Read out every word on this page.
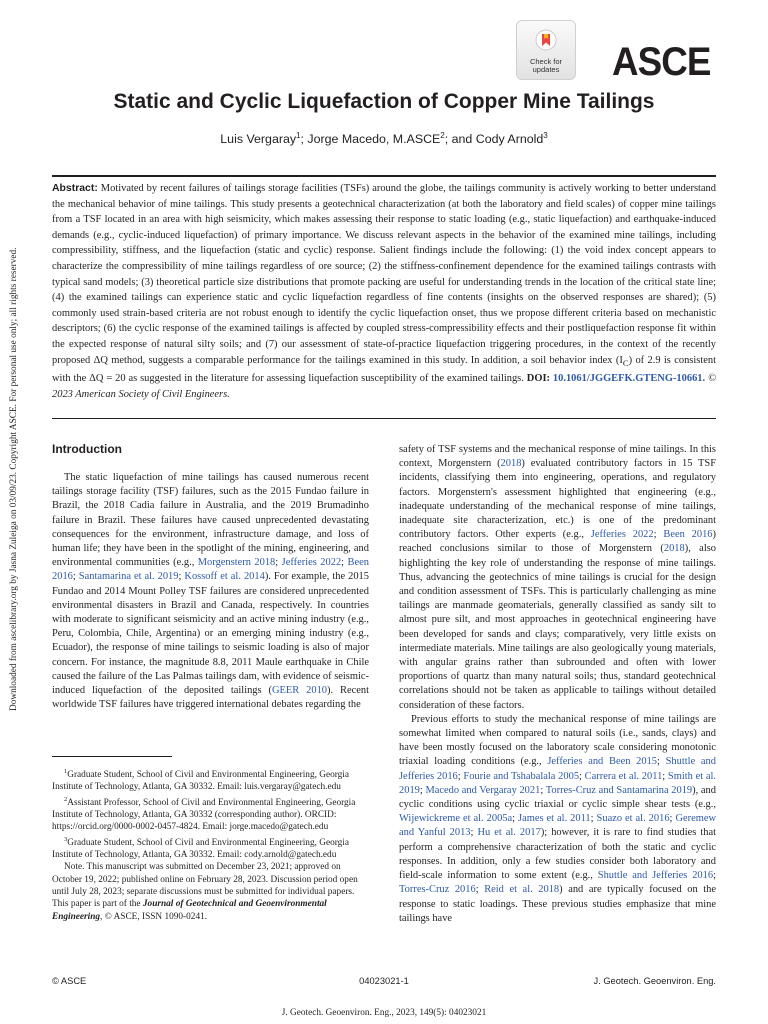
Downloaded from ascelibrary.org by Jasna Zuleiga on 03/09/23. Copyright ASCE. For personal use only; all rights reserved.
Check for
updates	ASCE
Static and Cyclic Liquefaction of Copper Mine Tailings
Luis Vergaray$^1$; Jorge Macedo, M.ASCE$^2$; and Cody Arnold$^3$

Abstract: Motivated by recent failures of tailings storage facilities (TSFs) around the globe, the tailings community is actively working to better understand the mechanical behavior of mine tailings. This study presents a geotechnical characterization (at both the laboratory and field scales) of copper mine tailings from a TSF located in an area with high seismicity, which makes assessing their response to static loading (e.g., static liquefaction) and earthquake-induced demands (e.g., cyclic-induced liquefaction) of primary importance. We discuss relevant aspects in the behavior of the examined mine tailings, including compressibility, stiffness, and the liquefaction (static and cyclic) response. Salient findings include the following: (1) the void index concept appears to characterize the compressibility of mine tailings regardless of ore source; (2) the stiffness-confinement dependence for the examined tailings contrasts with typical sand models; (3) theoretical particle size distributions that promote packing are useful for understanding trends in the location of the critical state line; (4) the examined tailings can experience static and cyclic liquefaction regardless of fine contents (insights on the observed responses are shared); (5) commonly used strain-based criteria are not robust enough to identify the cyclic liquefaction onset, thus we propose different criteria based on mechanistic descriptors; (6) the cyclic response of the examined tailings is affected by coupled stress-compressibility effects and their postliquefaction response fit within the expected response of natural silty soils; and (7) our assessment of state-of-practice liquefaction triggering procedures, in the context of the recently proposed ΔQ method, suggests a comparable performance for the tailings examined in this study. In addition, a soil behavior index $(I_C)$ of 2.9 is consistent with the ΔQ = 20 as suggested in the literature for assessing liquefaction susceptibility of the examined tailings. DOI: 10.1061/JGGEFK.GTENG-10661. © 2023 American Society of Civil Engineers.

Introduction

The static liquefaction of mine tailings has caused numerous recent tailings storage facility (TSF) failures, such as the 2015 Fundao failure in Brazil, the 2018 Cadia failure in Australia, and the 2019 Brumadinho failure in Brazil. These failures have caused unprecedented devastating consequences for the environment, infrastructure damage, and loss of human life; they have been in the spotlight of the mining, engineering, and environmental communities (e.g., Morgenstern 2018; Jefferies 2022; Been 2016; Santamarina et al. 2019; Kossoff et al. 2014). For example, the 2015 Fundao and 2014 Mount Polley TSF failures are considered unprecedented environmental disasters in Brazil and Canada, respectively. In countries with moderate to significant seismicity and an active mining industry (e.g., Peru, Colombia, Chile, Argentina) or an emerging mining industry (e.g., Ecuador), the response of mine tailings to seismic loading is also of major concern. For instance, the magnitude 8.8, 2011 Maule earthquake in Chile caused the failure of the Las Palmas tailings dam, with evidence of seismic-induced liquefaction of the deposited tailings (GEER 2010). Recent worldwide TSF failures have triggered international debates regarding the

$^1$Graduate Student, School of Civil and Environmental Engineering, Georgia Institute of Technology, Atlanta, GA 30332. Email: luis.vergaray@gatech.edu

$^2$Assistant Professor, School of Civil and Environmental Engineering, Georgia Institute of Technology, Atlanta, GA 30332 (corresponding author). ORCID: https://orcid.org/0000-0002-0457-4824. Email: jorge.macedo@gatech.edu

$^3$Graduate Student, School of Civil and Environmental Engineering, Georgia Institute of Technology, Atlanta, GA 30332. Email: cody.arnold@gatech.edu

Note. This manuscript was submitted on December 23, 2021; approved on October 19, 2022; published online on February 28, 2023. Discussion period open until July 28, 2023; separate discussions must be submitted for individual papers. This paper is part of the Journal of Geotechnical and Geoenvironmental Engineering, © ASCE, ISSN 1090-0241.

safety of TSF systems and the mechanical response of mine tailings. In this context, Morgenstern (2018) evaluated contributory factors in 15 TSF incidents, classifying them into engineering, operations, and regulatory factors. Morgenstern's assessment highlighted that engineering (e.g., inadequate understanding of the mechanical response of mine tailings, inadequate site characterization, etc.) is one of the predominant contributory factors. Other experts (e.g., Jefferies 2022; Been 2016) reached conclusions similar to those of Morgenstern (2018), also highlighting the key role of understanding the response of mine tailings. Thus, advancing the geotechnics of mine tailings is crucial for the design and condition assessment of TSFs. This is particularly challenging as mine tailings are manmade geomaterials, generally classified as sandy silt to almost pure silt, and most approaches in geotechnical engineering have been developed for sands and clays; comparatively, very little exists on intermediate materials. Mine tailings are also geologically young materials, with angular grains rather than subrounded and often with lower proportions of quartz than many natural soils; thus, standard geotechnical correlations should not be taken as applicable to tailings without detailed consideration of these factors.

Previous efforts to study the mechanical response of mine tailings are somewhat limited when compared to natural soils (i.e., sands, clays) and have been mostly focused on the laboratory scale considering monotonic triaxial loading conditions (e.g., Jefferies and Been 2015; Shuttle and Jefferies 2016; Fourie and Tshabalala 2005; Carrera et al. 2011; Smith et al. 2019; Macedo and Vergaray 2021; Torres-Cruz and Santamarina 2019), and cyclic conditions using cyclic triaxial or cyclic simple shear tests (e.g., Wijewickreme et al. 2005a; James et al. 2011; Suazo et al. 2016; Geremew and Yanful 2013; Hu et al. 2017); however, it is rare to find studies that perform a comprehensive characterization of both the static and cyclic responses. In addition, only a few studies consider both laboratory and field-scale information to some extent (e.g., Shuttle and Jefferies 2016; Torres-Cruz 2016; Reid et al. 2018) and are typically focused on the response to static loadings. These previous studies emphasize that mine tailings have

© ASCE	04023021-1	J. Geotech. Geoenviron. Eng.
J. Geotech. Geoenviron. Eng., 2023, 149(5): 04023021
